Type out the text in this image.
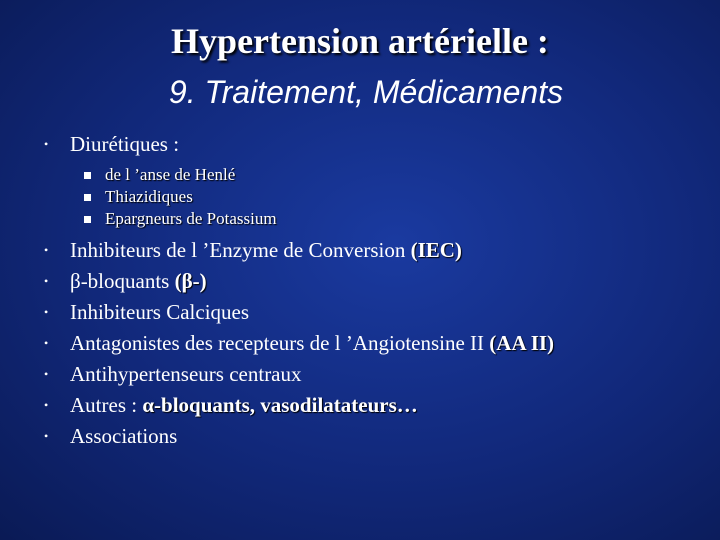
Hypertension artérielle :
9. Traitement, Médicaments
• Diurétiques :
de l ’anse de Henlé
Thiazidiques
Epargneurs de Potassium
• Inhibiteurs de l ’Enzyme de Conversion (IEC)
• β-bloquants (β-)
• Inhibiteurs Calciques
• Antagonistes des recepteurs de l ’Angiotensine II (AA II)
• Antihypertenseurs centraux
• Autres : α-bloquants, vasodilatateurs…
• Associations
